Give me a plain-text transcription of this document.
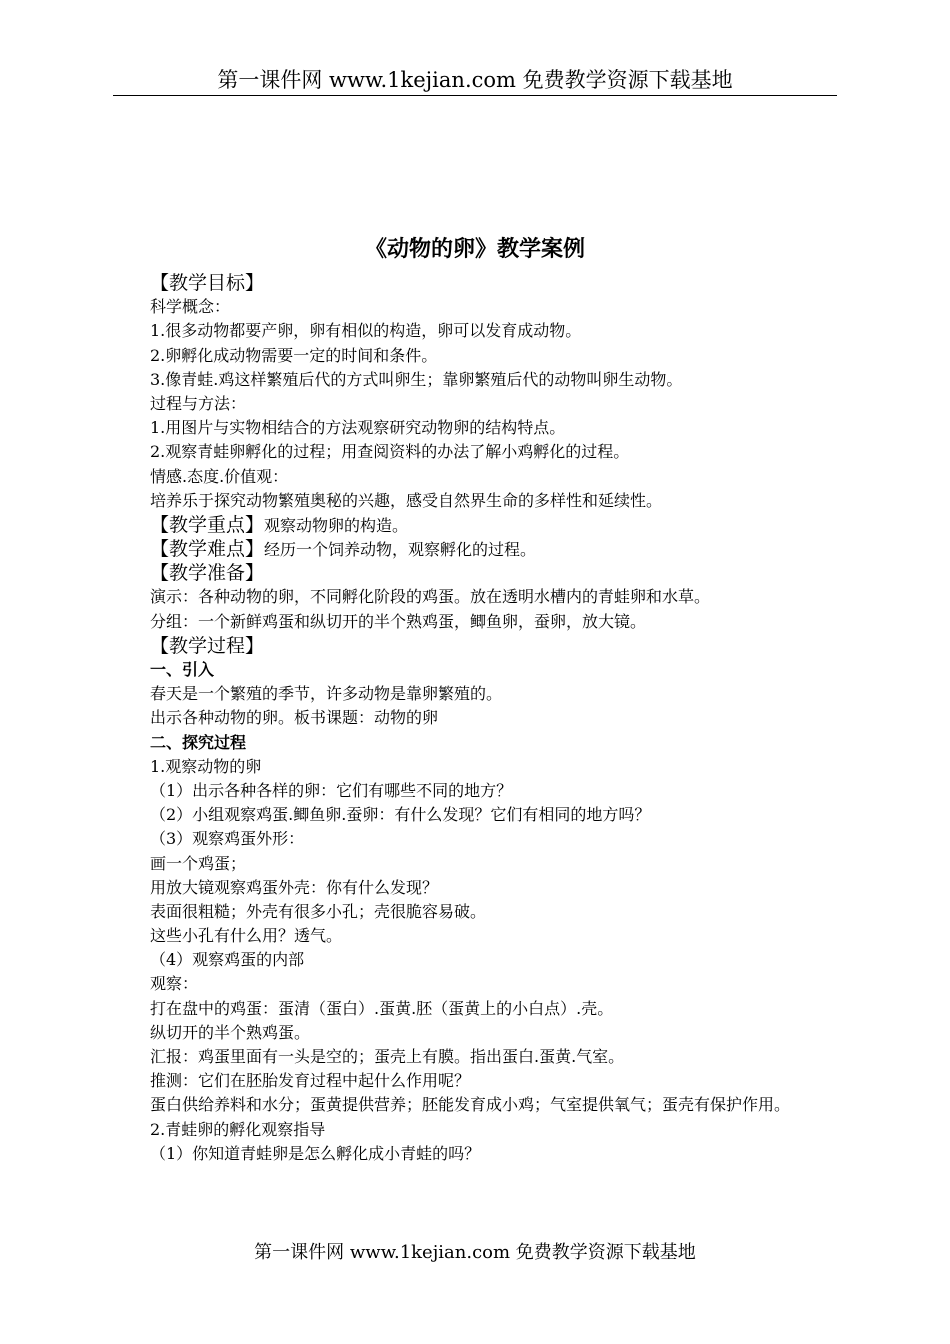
第一课件网 www.1kejian.com 免费教学资源下载基地
《动物的卵》教学案例
【教学目标】
科学概念：
1.很多动物都要产卵，卵有相似的构造，卵可以发育成动物。
2.卵孵化成动物需要一定的时间和条件。
3.像青蛙.鸡这样繁殖后代的方式叫卵生；靠卵繁殖后代的动物叫卵生动物。
过程与方法：
1.用图片与实物相结合的方法观察研究动物卵的结构特点。
2.观察青蛙卵孵化的过程；用查阅资料的办法了解小鸡孵化的过程。
情感.态度.价值观：
培养乐于探究动物繁殖奥秘的兴趣，感受自然界生命的多样性和延续性。
【教学重点】观察动物卵的构造。
【教学难点】经历一个饲养动物，观察孵化的过程。
【教学准备】
演示：各种动物的卵，不同孵化阶段的鸡蛋。放在透明水槽内的青蛙卵和水草。
分组：一个新鲜鸡蛋和纵切开的半个熟鸡蛋，鲫鱼卵，蚕卵，放大镜。
【教学过程】
一、引入
春天是一个繁殖的季节，许多动物是靠卵繁殖的。
出示各种动物的卵。板书课题：动物的卵
二、探究过程
1.观察动物的卵
（1）出示各种各样的卵：它们有哪些不同的地方？
（2）小组观察鸡蛋.鲫鱼卵.蚕卵：有什么发现？它们有相同的地方吗？
（3）观察鸡蛋外形：
画一个鸡蛋；
用放大镜观察鸡蛋外壳：你有什么发现？
表面很粗糙；外壳有很多小孔；壳很脆容易破。
这些小孔有什么用？透气。
（4）观察鸡蛋的内部
观察：
打在盘中的鸡蛋：蛋清（蛋白）.蛋黄.胚（蛋黄上的小白点）.壳。
纵切开的半个熟鸡蛋。
汇报：鸡蛋里面有一头是空的；蛋壳上有膜。指出蛋白.蛋黄.气室。
推测：它们在胚胎发育过程中起什么作用呢？
蛋白供给养料和水分；蛋黄提供营养；胚能发育成小鸡；气室提供氧气；蛋壳有保护作用。
2.青蛙卵的孵化观察指导
（1）你知道青蛙卵是怎么孵化成小青蛙的吗？
第一课件网 www.1kejian.com 免费教学资源下载基地
